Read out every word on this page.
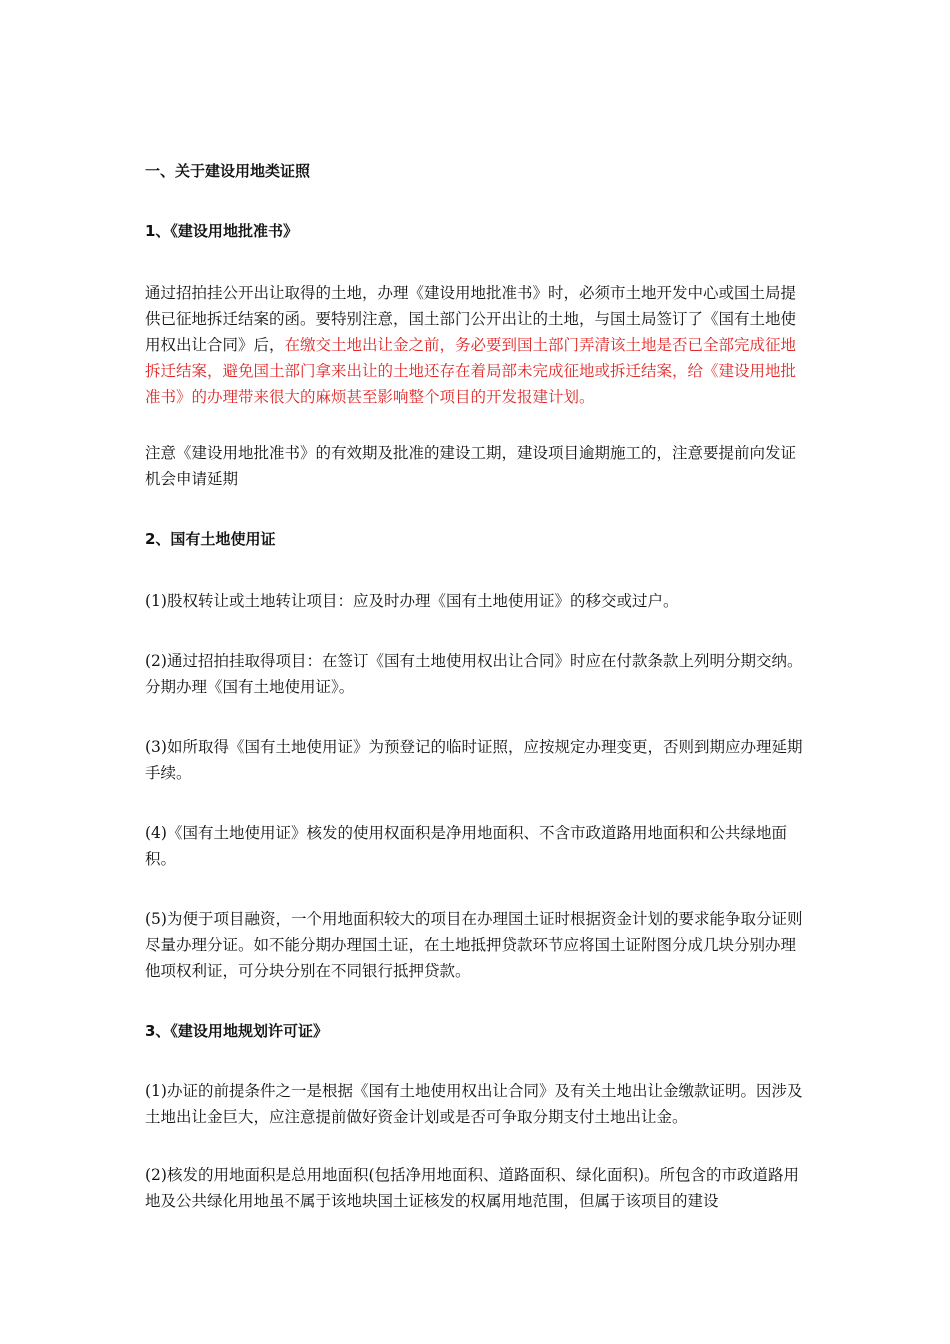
一、关于建设用地类证照

1、《建设用地批准书》

通过招拍挂公开出让取得的土地，办理《建设用地批准书》时，必须市土地开发中心或国土局提供已征地拆迁结案的函。要特别注意，国土部门公开出让的土地，与国土局签订了《国有土地使用权出让合同》后，在缴交土地出让金之前，务必要到国土部门弄清该土地是否已全部完成征地拆迁结案，避免国土部门拿来出让的土地还存在着局部未完成征地或拆迁结案，给《建设用地批准书》的办理带来很大的麻烦甚至影响整个项目的开发报建计划。

注意《建设用地批准书》的有效期及批准的建设工期，建设项目逾期施工的，注意要提前向发证机会申请延期

2、国有土地使用证

(1)股权转让或土地转让项目：应及时办理《国有土地使用证》的移交或过户。

(2)通过招拍挂取得项目：在签订《国有土地使用权出让合同》时应在付款条款上列明分期交纳。分期办理《国有土地使用证》。

(3)如所取得《国有土地使用证》为预登记的临时证照，应按规定办理变更，否则到期应办理延期手续。

(4)《国有土地使用证》核发的使用权面积是净用地面积、不含市政道路用地面积和公共绿地面积。

(5)为便于项目融资，一个用地面积较大的项目在办理国土证时根据资金计划的要求能争取分证则尽量办理分证。如不能分期办理国土证，在土地抵押贷款环节应将国土证附图分成几块分别办理他项权利证，可分块分别在不同银行抵押贷款。

3、《建设用地规划许可证》

(1)办证的前提条件之一是根据《国有土地使用权出让合同》及有关土地出让金缴款证明。因涉及土地出让金巨大，应注意提前做好资金计划或是否可争取分期支付土地出让金。

(2)核发的用地面积是总用地面积(包括净用地面积、道路面积、绿化面积)。所包含的市政道路用地及公共绿化用地虽不属于该地块国土证核发的权属用地范围，但属于该项目的建设
